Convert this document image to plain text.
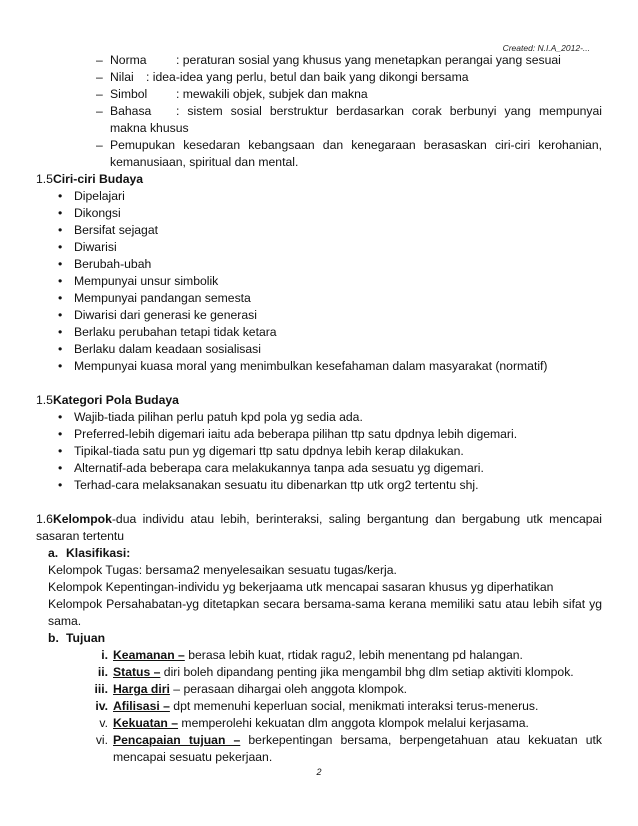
Created: N.I.A_2012-...
– Norma : peraturan sosial yang khusus yang menetapkan perangai yang sesuai
– Nilai : idea-idea yang perlu, betul dan baik yang dikongi bersama
– Simbol : mewakili objek, subjek dan makna
– Bahasa : sistem sosial berstruktur berdasarkan corak berbunyi yang mempunyai makna khusus
– Pemupukan kesedaran kebangsaan dan kenegaraan berasaskan ciri-ciri kerohanian, kemanusiaan, spiritual dan mental.
1.5Ciri-ciri Budaya
• Dipelajari
• Dikongsi
• Bersifat sejagat
• Diwarisi
• Berubah-ubah
• Mempunyai unsur simbolik
• Mempunyai pandangan semesta
• Diwarisi dari generasi ke generasi
• Berlaku perubahan tetapi tidak ketara
• Berlaku dalam keadaan sosialisasi
• Mempunyai kuasa moral yang menimbulkan kesefahaman dalam masyarakat (normatif)
1.5Kategori Pola Budaya
• Wajib-tiada pilihan perlu patuh kpd pola yg sedia ada.
• Preferred-lebih digemari iaitu ada beberapa pilihan ttp satu dpdnya lebih digemari.
• Tipikal-tiada satu pun yg digemari ttp satu dpdnya lebih kerap dilakukan.
• Alternatif-ada beberapa cara melakukannya tanpa ada sesuatu yg digemari.
• Terhad-cara melaksanakan sesuatu itu dibenarkan ttp utk org2 tertentu shj.

1.6Kelompok-dua individu atau lebih, berinteraksi, saling bergantung dan bergabung utk mencapai sasaran tertentu

a. Klasifikasi:

Kelompok Tugas: bersama2 menyelesaikan sesuatu tugas/kerja.

Kelompok Kepentingan-individu yg bekerjaama utk mencapai sasaran khusus yg diperhatikan

Kelompok Persahabatan-yg ditetapkan secara bersama-sama kerana memiliki satu atau lebih sifat yg sama.

b. Tujuan

i. Keamanan – berasa lebih kuat, rtidak ragu2, lebih menentang pd halangan.
ii. Status – diri boleh dipandang penting jika mengambil bhg dlm setiap aktiviti klompok.
iii. Harga diri – perasaan dihargai oleh anggota klompok.
iv. Afilisasi – dpt memenuhi keperluan social, menikmati interaksi terus-menerus.
v. Kekuatan – memperolehi kekuatan dlm anggota klompok melalui kerjasama.
vi. Pencapaian tujuan – berkepentingan bersama, berpengetahuan atau kekuatan utk mencapai sesuatu pekerjaan.
2
